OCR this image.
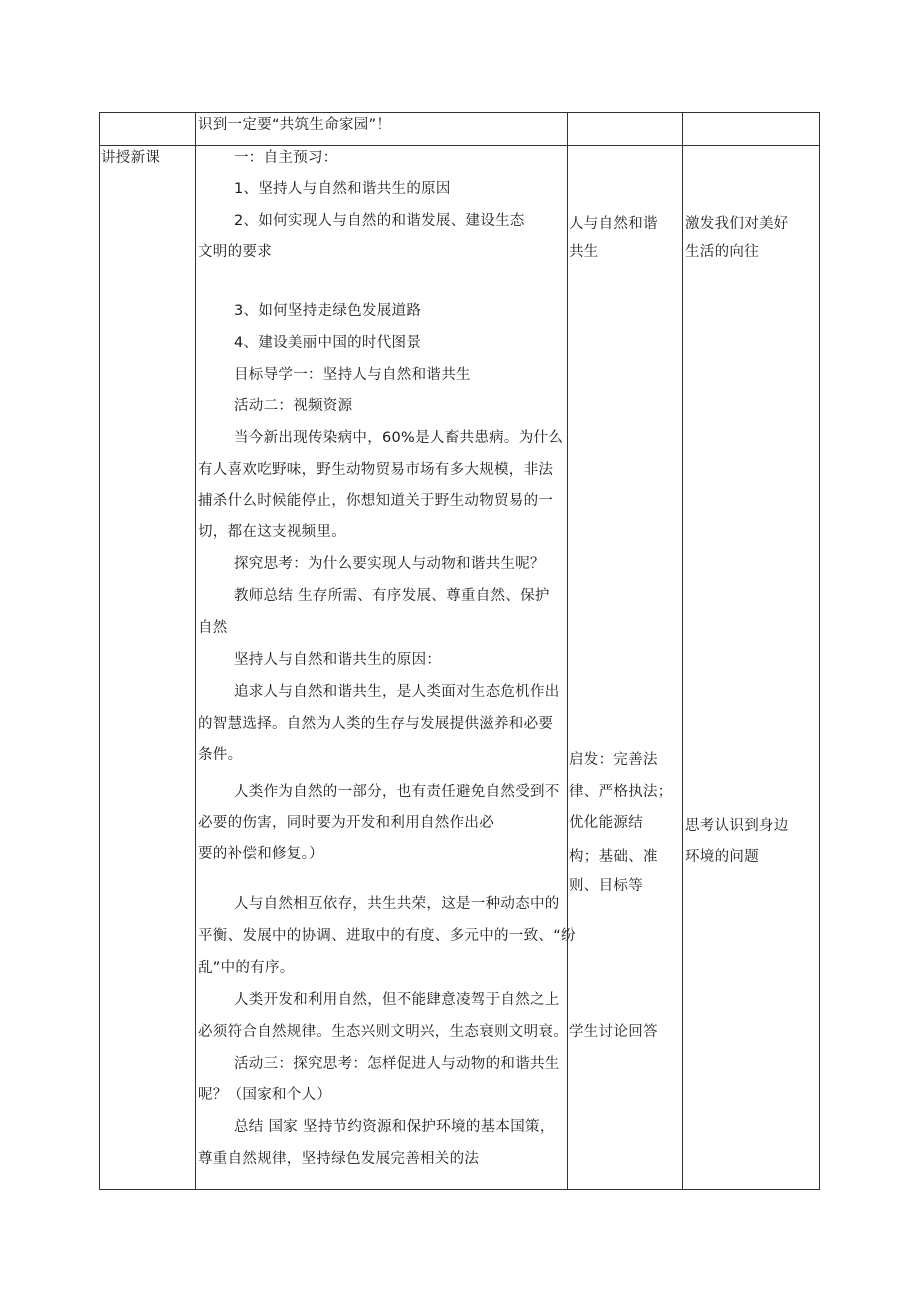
识到一定要“共筑生命家园”！
讲授新课	一：自主预习：
1、坚持人与自然和谐共生的原因
2、如何实现人与自然的和谐发展、建设生态
文明的要求
3、如何坚持走绿色发展道路
4、建设美丽中国的时代图景
目标导学一：坚持人与自然和谐共生
活动二：视频资源
当今新出现传染病中，60%是人畜共患病。为什么
有人喜欢吃野味，野生动物贸易市场有多大规模，非法
捕杀什么时候能停止，你想知道关于野生动物贸易的一
切，都在这支视频里。
探究思考：为什么要实现人与动物和谐共生呢？
教师总结 生存所需、有序发展、尊重自然、保护
自然
坚持人与自然和谐共生的原因：
追求人与自然和谐共生，是人类面对生态危机作出
的智慧选择。自然为人类的生存与发展提供滋养和必要
条件。
人类作为自然的一部分，也有责任避免自然受到不
必要的伤害，同时要为开发和利用自然作出必
要的补偿和修复。）
人与自然相互依存，共生共荣，这是一种动态中的
平衡、发展中的协调、进取中的有度、多元中的一致、“纷
乱”中的有序。
人类开发和利用自然，但不能肆意凌驾于自然之上
必须符合自然规律。生态兴则文明兴，生态衰则文明衰。
活动三：探究思考：怎样促进人与动物的和谐共生
呢？（国家和个人）
总结 国家 坚持节约资源和保护环境的基本国策，
尊重自然规律，坚持绿色发展完善相关的法
人与自然和谐
共生
启发：完善法
律、严格执法；
优化能源结
构；基础、准
则、目标等
学生讨论回答
激发我们对美好
生活的向往
思考认识到身边
环境的问题
